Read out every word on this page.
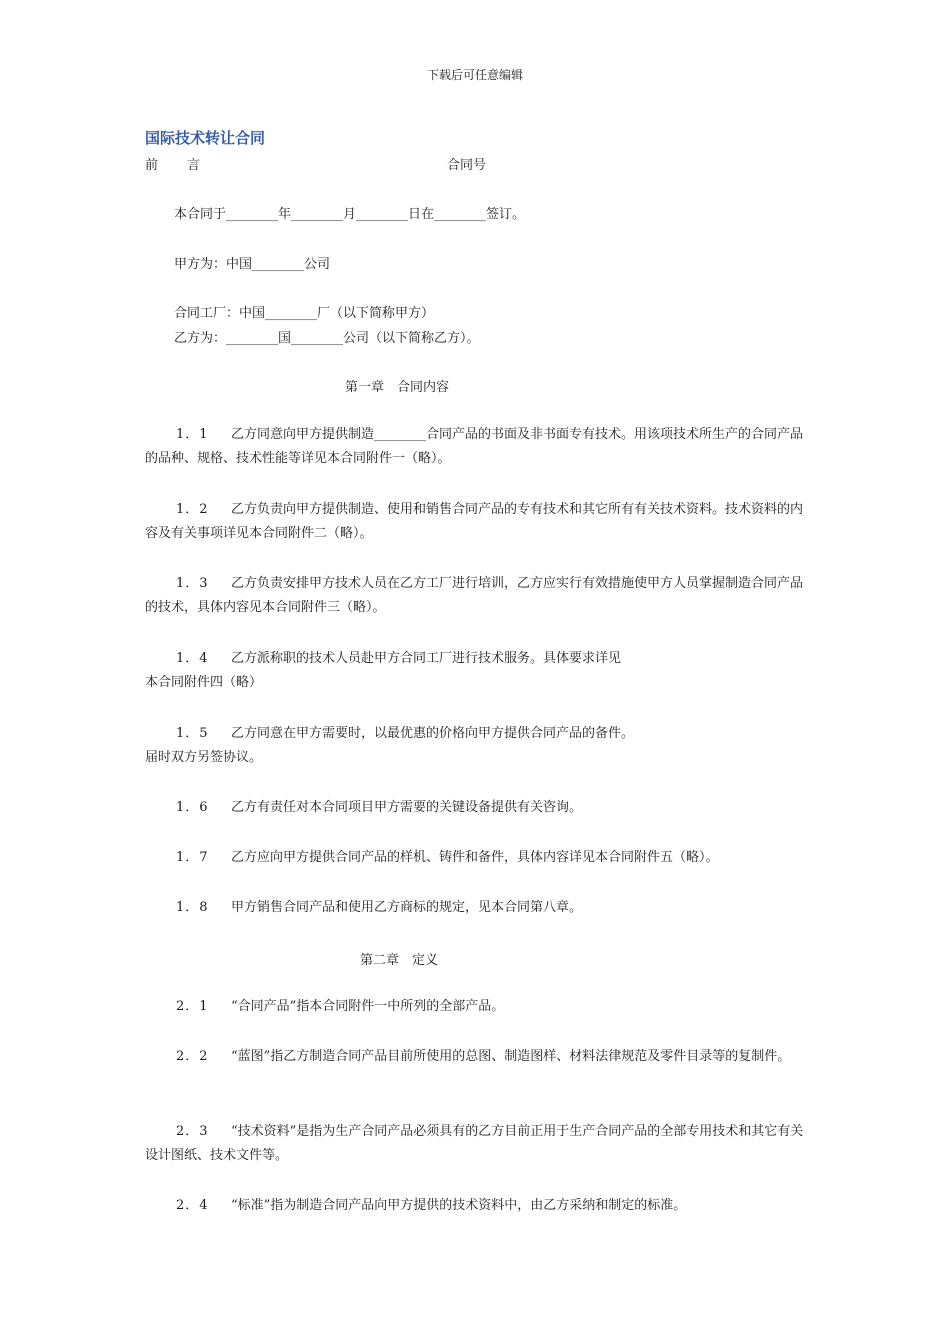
下载后可任意编辑
国际技术转让合同
前 言	合同号
本合同于________年________月________日在________签订。
甲方为：中国________公司
合同工厂：中国________厂（以下简称甲方）
乙方为：________国________公司（以下简称乙方）。
第一章　合同内容
1．1 乙方同意向甲方提供制造________合同产品的书面及非书面专有技术。用该项技术所生产的合同产品的品种、规格、技术性能等详见本合同附件一（略）。
1．2 乙方负责向甲方提供制造、使用和销售合同产品的专有技术和其它所有有关技术资料。技术资料的内容及有关事项详见本合同附件二（略）。
1．3 乙方负责安排甲方技术人员在乙方工厂进行培训，乙方应实行有效措施使甲方人员掌握制造合同产品的技术，具体内容见本合同附件三（略）。
1．4 乙方派称职的技术人员赴甲方合同工厂进行技术服务。具体要求详见
本合同附件四（略）
1．5 乙方同意在甲方需要时，以最优惠的价格向甲方提供合同产品的备件。
届时双方另签协议。
1．6 乙方有责任对本合同项目甲方需要的关键设备提供有关咨询。
1．7 乙方应向甲方提供合同产品的样机、铸件和备件，具体内容详见本合同附件五（略）。
1．8 甲方销售合同产品和使用乙方商标的规定，见本合同第八章。
第二章　定义
2．1 “合同产品”指本合同附件一中所列的全部产品。
2．2 “蓝图”指乙方制造合同产品目前所使用的总图、制造图样、材料法律规范及零件目录等的复制件。
2．3 “技术资料”是指为生产合同产品必须具有的乙方目前正用于生产合同产品的全部专用技术和其它有关设计图纸、技术文件等。
2．4 “标准”指为制造合同产品向甲方提供的技术资料中，由乙方采纳和制定的标准。
